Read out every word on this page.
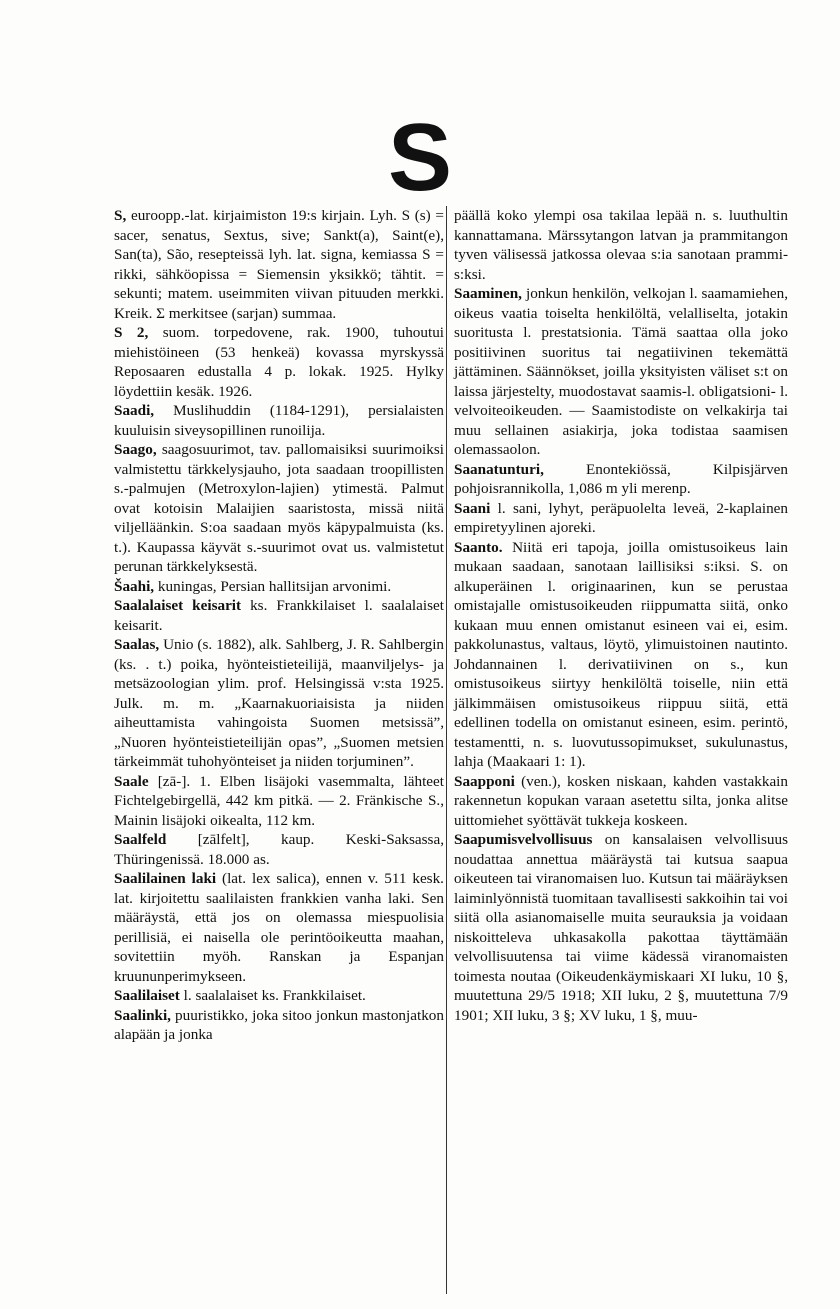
S
S, euroopp.-lat. kirjaimiston 19:s kirjain. Lyh. S (s) = sacer, senatus, Sextus, sive; Sankt(a), Saint(e), San(ta), São, resepteissä lyh. lat. signa, kemiassa S = rikki, sähköopissa = Siemensin yksikkö; tähtit. = sekunti; matem. useimmiten viivan pituuden merkki. Kreik. Σ merkitsee (sarjan) summaa.
S 2, suom. torpedovene, rak. 1900, tuhoutui miehistöineen (53 henkeä) kovassa myrskyssä Reposaaren edustalla 4 p. lokak. 1925. Hylky löydettiin kesäk. 1926.
Saadi, Muslihuddin (1184-1291), persialaisten kuuluisin siveysopillinen runoilija.
Saago, saagosuurimot, tav. pallomaisiksi suurimoiksi valmistettu tärkkelysjauho, jota saadaan troopillisten s.-palmujen (Metroxylon-lajien) ytimestä. Palmut ovat kotoisin Malaijien saaristosta, missä niitä viljelläänkin. S:oa saadaan myös käpypalmuista (ks. t.). Kaupassa käyvät s.-suurimot ovat us. valmistetut perunan tärkkelyksestä.
Šaahi, kuningas, Persian hallitsijan arvonimi.
Saalalaiset keisarit ks. Frankkilaiset l. saalalaiset keisarit.
Saalas, Unio (s. 1882), alk. Sahlberg, J. R. Sahlbergin (ks. . t.) poika, hyönteistieteilijä, maanviljelys- ja metsäzoologian ylim. prof. Helsingissä v:sta 1925. Julk. m. m. „Kaarnakuoriaisista ja niiden aiheuttamista vahingoista Suomen metsissä”, „Nuoren hyönteistieteilijän opas”, „Suomen metsien tärkeimmät tuhohyönteiset ja niiden torjuminen”.
Saale [zā-]. 1. Elben lisäjoki vasemmalta, lähteet Fichtelgebirgellä, 442 km pitkä. — 2. Fränkische S., Mainin lisäjoki oikealta, 112 km.
Saalfeld [zālfelt], kaup. Keski-Saksassa, Thüringenissä. 18.000 as.
Saalilainen laki (lat. lex salica), ennen v. 511 kesk. lat. kirjoitettu saalilaisten frankkien vanha laki. Sen määräystä, että jos on olemassa miespuolisia perillisiä, ei naisella ole perintöoikeutta maahan, sovitettiin myöh. Ranskan ja Espanjan kruununperimykseen.
Saalilaiset l. saalalaiset ks. Frankkilaiset.
Saalinki, puuristikko, joka sitoo jonkun mastonjatkon alapään ja jonka
päällä koko ylempi osa takilaa lepää n. s. luuthultin kannattamana. Märssytangon latvan ja prammitangon tyven välisessä jatkossa olevaa s:ia sanotaan prammi-s:ksi.
Saaminen, jonkun henkilön, velkojan l. saamamiehen, oikeus vaatia toiselta henkilöltä, velalliselta, jotakin suoritusta l. prestatsionia. Tämä saattaa olla joko positiivinen suoritus tai negatiivinen tekemättä jättäminen. Säännökset, joilla yksityisten väliset s:t on laissa järjestelty, muodostavat saamis-l. obligatsioni- l. velvoiteoikeuden. — Saamistodiste on velkakirja tai muu sellainen asiakirja, joka todistaa saamisen olemassaolon.
Saanatunturi,	Enontekiössä, Kilpisjärven pohjoisrannikolla, 1,086 m yli merenp.
Saani l. sani, lyhyt, peräpuolelta leveä, 2-kaplainen empiretyylinen ajoreki.
Saanto. Niitä eri tapoja, joilla omistusoikeus lain mukaan saadaan, sanotaan laillisiksi s:iksi. S. on alkuperäinen l. originaarinen, kun se perustaa omistajalle omistusoikeuden riippumatta siitä, onko kukaan muu ennen omistanut esineen vai ei, esim. pakkolunastus, valtaus, löytö, ylimuistoinen nautinto. Johdannainen l. derivatiivinen on s., kun omistusoikeus siirtyy henkilöltä toiselle, niin että jälkimmäisen omistusoikeus riippuu siitä, että edellinen todella on omistanut esineen, esim. perintö, testamentti, n. s. luovutussopimukset, sukulunastus, lahja (Maakaari 1: 1).
Saapponi (ven.), kosken niskaan, kahden vastakkain rakennetun kopukan varaan asetettu silta, jonka alitse uittomiehet syöttävät tukkeja koskeen.
Saapumisvelvollisuus on kansalaisen velvollisuus noudattaa annettua määräystä tai kutsua saapua oikeuteen tai viranomaisen luo. Kutsun tai määräyksen laiminlyönnistä tuomitaan tavallisesti sakkoihin tai voi siitä olla asianomaiselle muita seurauksia ja voidaan niskoitteleva uhkasakolla pakottaa täyttämään velvollisuutensa tai viime kädessä viranomaisten toimesta noutaa (Oikeudenkäymiskaari XI luku, 10 §, muutettuna 29/5 1918; XII luku, 2 §, muutettuna 7/9 1901; XII luku, 3 §; XV luku, 1 §, muu-
